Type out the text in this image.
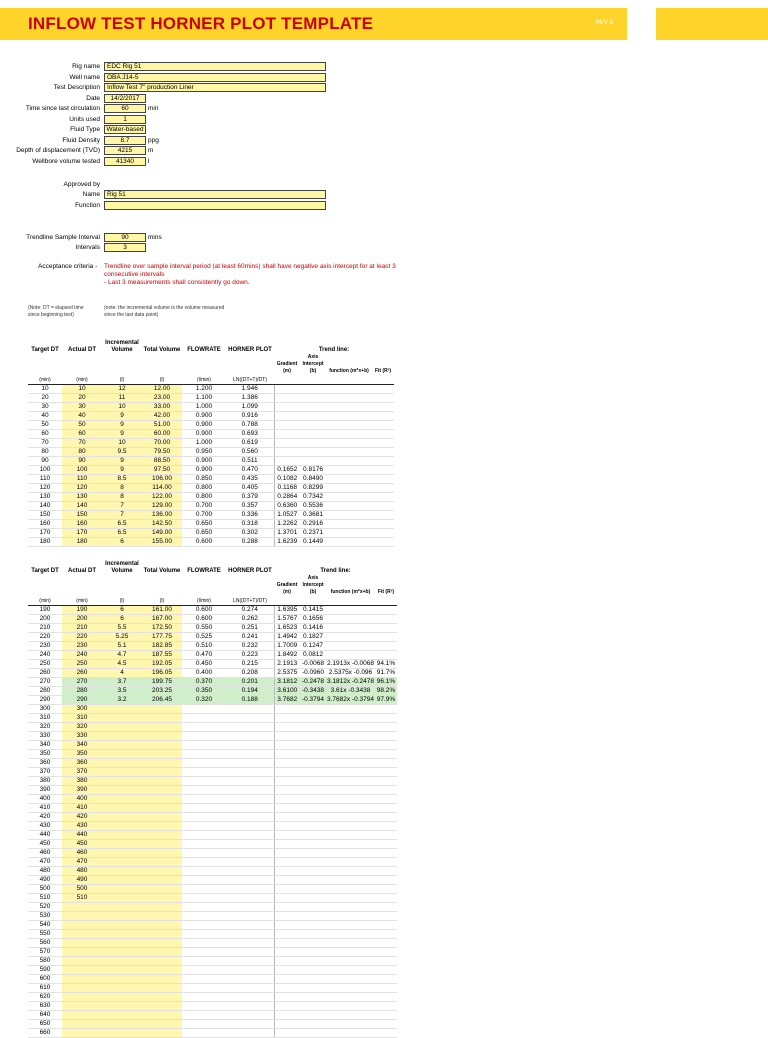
INFLOW TEST HORNER PLOT TEMPLATE	REV 3
Rig name	EDC Rig 51
Well name	OBA J14-5
Test Description	Inflow Test 7" production Liner
Date	14/2/2017
Time since last circulation	60	min
Units used	1
Fluid Type	Water-based
Fluid Density	8.7	ppg
Depth of displacement (TVD)	4215	m
Wellbore volume tested	41340	l
Approved by
Name	Rig 51
Function
Trendline Sample Interval	90	mins
Intervals	3
Acceptance criteria - Trendline over sample interval period (at least 60mins) shall have negative axis intercept for at least 3 consecutive intervals
- Last 3 measurements shall consistently go down.
(Note: DT = elapsed time since beginning test)
(note: the incremental volume is the volume measured since the last data point)
Target DT	Actual DT	Incremental Volume	Total Volume	FLOWRATE	HORNER PLOT	Trend line:			
						Gradient (m)	Axis Intercept (b)	function (m*x+b)	Fit (R²)
(min)	(min)	(l)	(l)	(l/min)	LN((DT+T)/DT)				
10	10	12	12.00	1.200	1.946				
20	20	11	23.00	1.100	1.386				
30	30	10	33.00	1.000	1.099				
40	40	9	42.00	0.900	0.916				
50	50	9	51.00	0.900	0.788				
60	60	9	60.00	0.900	0.693				
70	70	10	70.00	1.000	0.619				
80	80	9.5	79.50	0.950	0.560				
90	90	9	88.50	0.900	0.511				
100	100	9	97.50	0.900	0.470	0.1652	0.8176		
110	110	8.5	106.00	0.850	0.435	0.1082	0.8490		
120	120	8	114.00	0.800	0.405	0.1168	0.8299		
130	130	8	122.00	0.800	0.379	0.2864	0.7342		
140	140	7	129.00	0.700	0.357	0.6360	0.5536		
150	150	7	136.00	0.700	0.336	1.0527	0.3681		
160	160	6.5	142.50	0.650	0.318	1.2262	0.2916		
170	170	6.5	149.00	0.650	0.302	1.3701	0.2371		
180	180	6	155.00	0.600	0.288	1.6239	0.1449		
Target DT	Actual DT	Incremental Volume	Total Volume	FLOWRATE	HORNER PLOT	Trend line:			
						Gradient (m)	Axis Intercept (b)	function (m*x+b)	Fit (R²)
(min)	(min)	(l)	(l)	(l/min)	LN((DT+T)/DT)				
190	190	6	161.00	0.600	0.274	1.6395	0.1415		
200	200	6	167.00	0.600	0.262	1.5767	0.1656		
210	210	5.5	172.50	0.550	0.251	1.6523	0.1416		
220	220	5.25	177.75	0.525	0.241	1.4942	0.1827		
230	230	5.1	182.85	0.510	0.232	1.7009	0.1247		
240	240	4.7	187.55	0.470	0.223	1.8492	0.0812		
250	250	4.5	192.05	0.450	0.215	2.1913	-0.0068	2.1913x -0.0068	94.1%
260	260	4	196.05	0.400	0.208	2.5375	-0.0960	2.5375x -0.096	91.7%
270	270	3.7	199.75	0.370	0.201	3.1812	-0.2478	3.1812x -0.2478	96.1%
280	280	3.5	203.25	0.350	0.194	3.6100	-0.3438	3.61x -0.3438	98.2%
290	290	3.2	206.45	0.320	0.188	3.7682	-0.3794	3.7682x -0.3794	97.9%
300	300								
310	310								
320	320								
330	330								
340	340								
350	350								
360	360								
370	370								
380	380								
390	390								
400	400								
410	410								
420	420								
430	430								
440	440								
450	450								
460	460								
470	470								
480	480								
490	490								
500	500								
510	510								
520									
530									
540									
550									
560									
570									
580									
590									
600									
610									
620									
630									
640									
650									
660									
